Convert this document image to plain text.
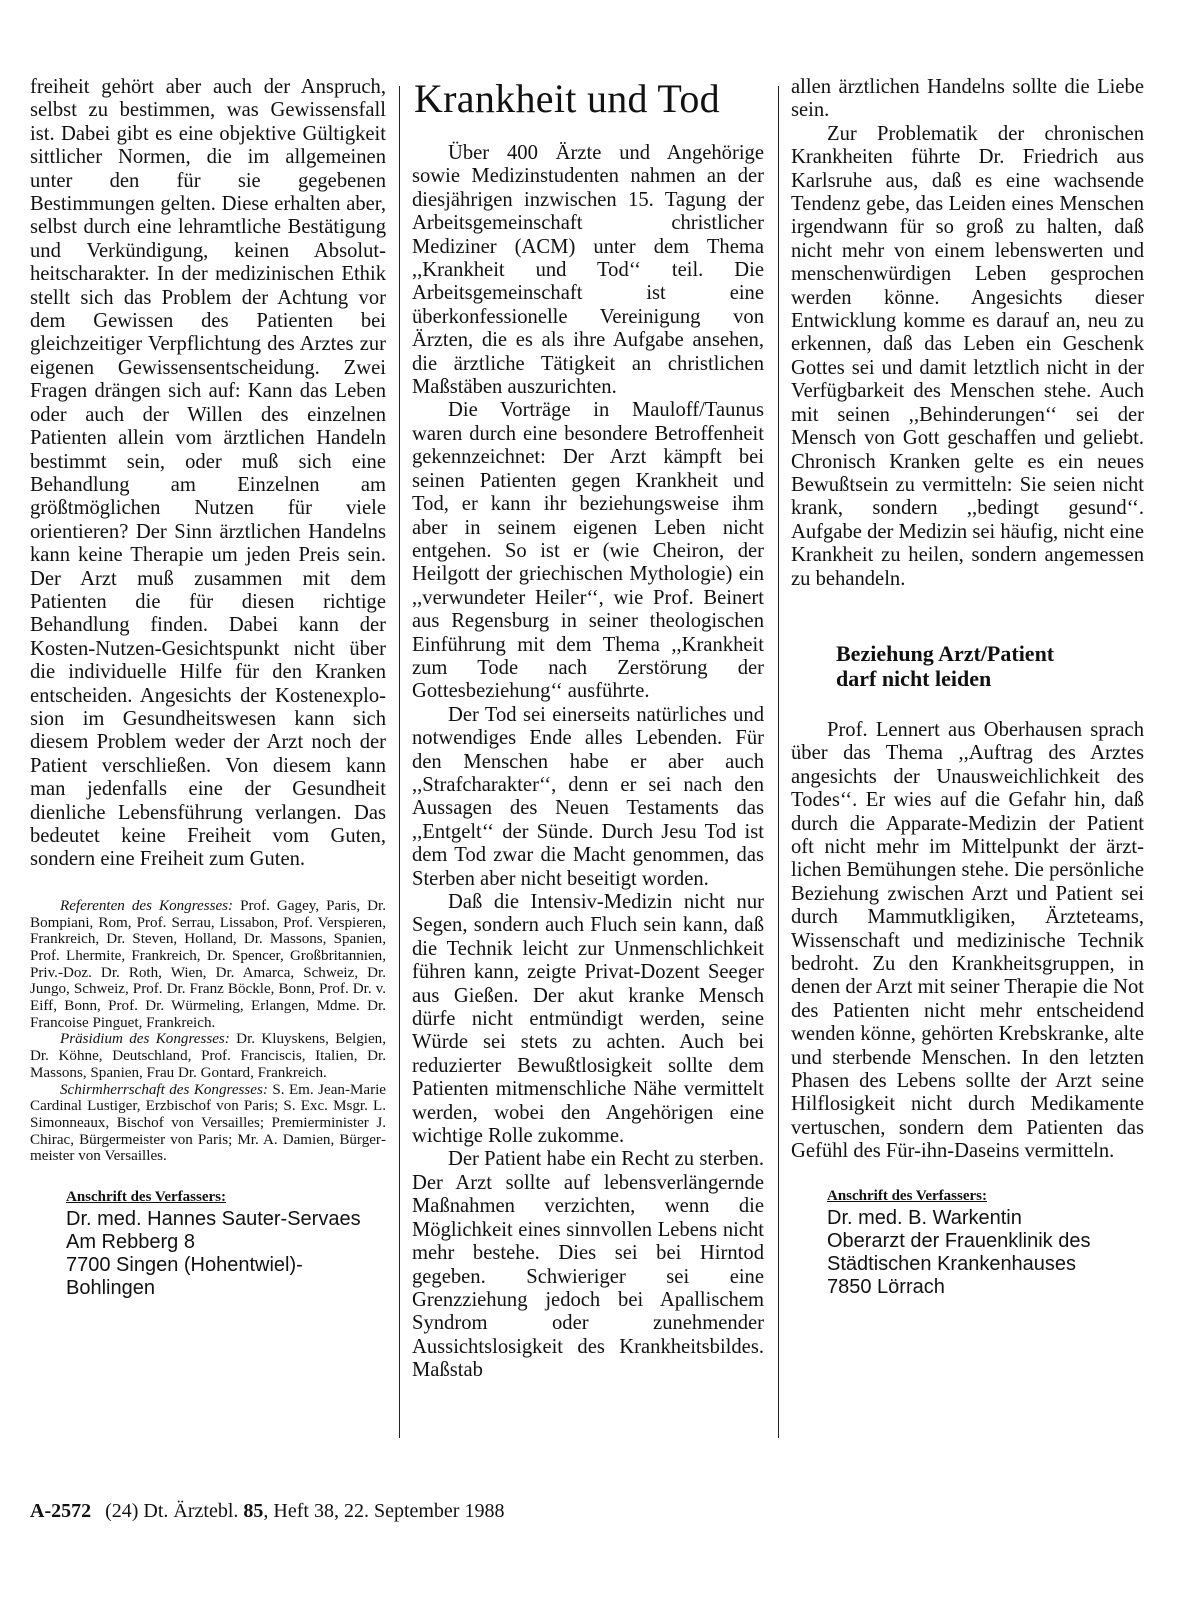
freiheit gehört aber auch der Anspruch, selbst zu bestimmen, was Gewissensfall ist. Dabei gibt es eine objektive Gültigkeit sittlicher Normen, die im allgemeinen unter den für sie gegebenen Bestimmungen gelten. Diese erhalten aber, selbst durch eine lehramtliche Bestätigung und Verkündigung, keinen Absolutheitscharakter. In der medizinischen Ethik stellt sich das Problem der Achtung vor dem Gewissen des Patienten bei gleichzeitiger Verpflichtung des Arztes zur eigenen Gewissensentscheidung. Zwei Fragen drängen sich auf: Kann das Leben oder auch der Willen des einzelnen Patienten allein vom ärztlichen Handeln bestimmt sein, oder muß sich eine Behandlung am Einzelnen am größtmöglichen Nutzen für viele orientieren? Der Sinn ärztlichen Handelns kann keine Therapie um jeden Preis sein. Der Arzt muß zusammen mit dem Patienten die für diesen richtige Behandlung finden. Dabei kann der Kosten-Nutzen-Gesichtspunkt nicht über die individuelle Hilfe für den Kranken entscheiden. Angesichts der Kostenexplosion im Gesundheitswesen kann sich diesem Problem weder der Arzt noch der Patient verschließen. Von diesem kann man jedenfalls eine der Gesundheit dienliche Lebensführung verlangen. Das bedeutet keine Freiheit vom Guten, sondern eine Freiheit zum Guten.

Referenten des Kongresses: Prof. Gagey, Paris, Dr. Bompiani, Rom, Prof. Serrau, Lissabon, Prof. Verspieren, Frankreich, Dr. Steven, Holland, Dr. Massons, Spanien, Prof. Lhermite, Frankreich, Dr. Spencer, Großbritannien, Priv.-Doz. Dr. Roth, Wien, Dr. Amarca, Schweiz, Dr. Jungo, Schweiz, Prof. Dr. Franz Böckle, Bonn, Prof. Dr. v. Eiff, Bonn, Prof. Dr. Würmeling, Erlangen, Mdme. Dr. Francoise Pinguet, Frankreich.

Präsidium des Kongresses: Dr. Kluyskens, Belgien, Dr. Köhne, Deutschland, Prof. Franciscis, Italien, Dr. Massons, Spanien, Frau Dr. Gontard, Frankreich.

Schirmherrschaft des Kongresses: S. Em. Jean-Marie Cardinal Lustiger, Erzbischof von Paris; S. Exc. Msgr. L. Simonneaux, Bischof von Versailles; Premierminister J. Chirac, Bürgermeister von Paris; Mr. A. Damien, Bürgermeister von Versailles.

Anschrift des Verfassers:

Dr. med. Hannes Sauter-Servaes

Am Rebberg 8

7700 Singen (Hohentwiel)-

Bohlingen

Krankheit und Tod

Über 400 Ärzte und Angehörige sowie Medizinstudenten nahmen an der diesjährigen inzwischen 15. Tagung der Arbeitsgemeinschaft christlicher Mediziner (ACM) unter dem Thema ,,Krankheit und Tod‘‘ teil. Die Arbeitsgemeinschaft ist eine überkonfessionelle Vereinigung von Ärzten, die es als ihre Aufgabe ansehen, die ärztliche Tätigkeit an christlichen Maßstäben auszurichten.

Die Vorträge in Mauloff/Taunus waren durch eine besondere Betroffenheit gekennzeichnet: Der Arzt kämpft bei seinen Patienten gegen Krankheit und Tod, er kann ihr beziehungsweise ihm aber in seinem eigenen Leben nicht entgehen. So ist er (wie Cheiron, der Heilgott der griechischen Mythologie) ein ,,verwundeter Heiler‘‘, wie Prof. Beinert aus Regensburg in seiner theologischen Einführung mit dem Thema ,,Krankheit zum Tode nach Zerstörung der Gottesbeziehung‘‘ ausführte.

Der Tod sei einerseits natürliches und notwendiges Ende alles Lebenden. Für den Menschen habe er aber auch ,,Strafcharakter‘‘, denn er sei nach den Aussagen des Neuen Testaments das ,,Entgelt‘‘ der Sünde. Durch Jesu Tod ist dem Tod zwar die Macht genommen, das Sterben aber nicht beseitigt worden.

Daß die Intensiv-Medizin nicht nur Segen, sondern auch Fluch sein kann, daß die Technik leicht zur Unmenschlichkeit führen kann, zeigte Privat-Dozent Seeger aus Gießen. Der akut kranke Mensch dürfe nicht entmündigt werden, seine Würde sei stets zu achten. Auch bei reduzierter Bewußtlosigkeit sollte dem Patienten mitmenschliche Nähe vermittelt werden, wobei den Angehörigen eine wichtige Rolle zukomme.

Der Patient habe ein Recht zu sterben. Der Arzt sollte auf lebensverlängernde Maßnahmen verzichten, wenn die Möglichkeit eines sinnvollen Lebens nicht mehr bestehe. Dies sei bei Hirntod gegeben. Schwieriger sei eine Grenzziehung jedoch bei Apallischem Syndrom oder zunehmender Aussichtslosigkeit des Krankheitsbildes. Maßstab

allen ärztlichen Handelns sollte die Liebe sein.

Zur Problematik der chronischen Krankheiten führte Dr. Friedrich aus Karlsruhe aus, daß es eine wachsende Tendenz gebe, das Leiden eines Menschen irgendwann für so groß zu halten, daß nicht mehr von einem lebenswerten und menschenwürdigen Leben gesprochen werden könne. Angesichts dieser Entwicklung komme es darauf an, neu zu erkennen, daß das Leben ein Geschenk Gottes sei und damit letztlich nicht in der Verfügbarkeit des Menschen stehe. Auch mit seinen ,,Behinderungen‘‘ sei der Mensch von Gott geschaffen und geliebt. Chronisch Kranken gelte es ein neues Bewußtsein zu vermitteln: Sie seien nicht krank, sondern ,,bedingt gesund‘‘. Aufgabe der Medizin sei häufig, nicht eine Krankheit zu heilen, sondern angemessen zu behandeln.

Beziehung Arzt/Patient

darf nicht leiden

Prof. Lennert aus Oberhausen sprach über das Thema ,,Auftrag des Arztes angesichts der Unausweichlichkeit des Todes‘‘. Er wies auf die Gefahr hin, daß durch die Apparate-Medizin der Patient oft nicht mehr im Mittelpunkt der ärztlichen Bemühungen stehe. Die persönliche Beziehung zwischen Arzt und Patient sei durch Mammutkligiken, Ärzteteams, Wissenschaft und medizinische Technik bedroht. Zu den Krankheitsgruppen, in denen der Arzt mit seiner Therapie die Not des Patienten nicht mehr entscheidend wenden könne, gehörten Krebskranke, alte und sterbende Menschen. In den letzten Phasen des Lebens sollte der Arzt seine Hilflosigkeit nicht durch Medikamente vertuschen, sondern dem Patienten das Gefühl des Für-ihn-Daseins vermitteln.

Anschrift des Verfassers:

Dr. med. B. Warkentin

Oberarzt der Frauenklinik des

Städtischen Krankenhauses

7850 Lörrach

A-2572 (24) Dt. Ärztebl. 85, Heft 38, 22. September 1988
